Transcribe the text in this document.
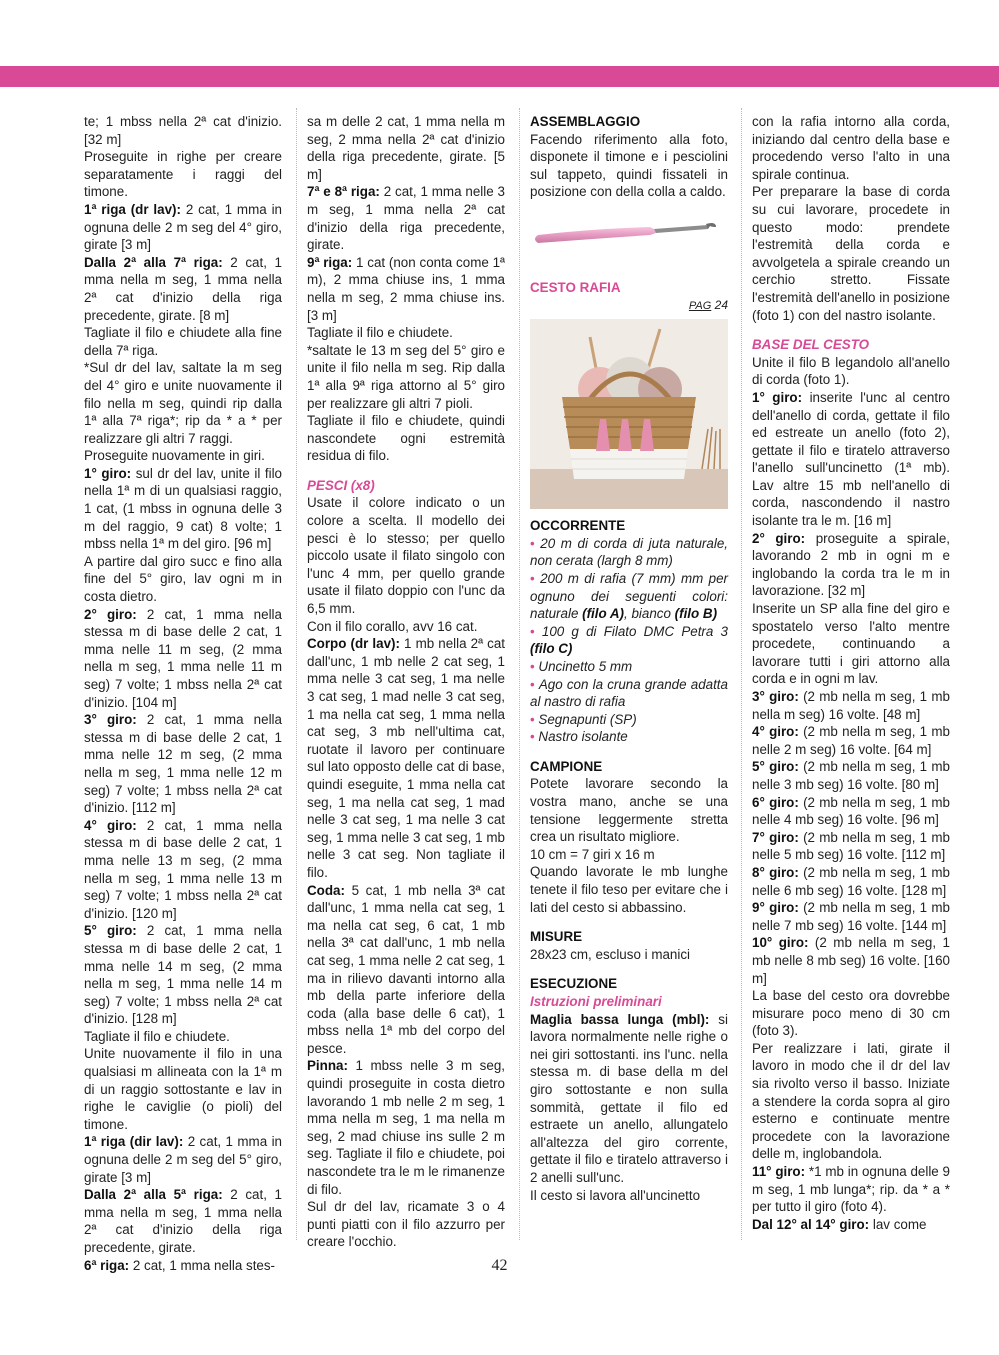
te; 1 mbss nella 2ª cat d'inizio. [32 m]

Proseguite in righe per creare separatamente i raggi del timone.

1ª riga (dr lav): 2 cat, 1 mma in ognuna delle 2 m seg del 4° giro, girate [3 m]

Dalla 2ª alla 7ª riga: 2 cat, 1 mma nella m seg, 1 mma nella 2ª cat d'inizio della riga precedente, girate. [8 m]

Tagliate il filo e chiudete alla fine della 7ª riga.

*Sul dr del lav, saltate la m seg del 4° giro e unite nuovamente il filo nella m seg, quindi rip dalla 1ª alla 7ª riga*; rip da * a * per realizzare gli altri 7 raggi.

Proseguite nuovamente in giri.

1° giro: sul dr del lav, unite il filo nella 1ª m di un qualsiasi raggio, 1 cat, (1 mbss in ognuna delle 3 m del raggio, 9 cat) 8 volte; 1 mbss nella 1ª m del giro. [96 m]

A partire dal giro succ e fino alla fine del 5° giro, lav ogni m in costa dietro.

2° giro: 2 cat, 1 mma nella stessa m di base delle 2 cat, 1 mma nelle 11 m seg, (2 mma nella m seg, 1 mma nelle 11 m seg) 7 volte; 1 mbss nella 2ª cat d'inizio. [104 m]

3° giro: 2 cat, 1 mma nella stessa m di base delle 2 cat, 1 mma nelle 12 m seg, (2 mma nella m seg, 1 mma nelle 12 m seg) 7 volte; 1 mbss nella 2ª cat d'inizio. [112 m]

4° giro: 2 cat, 1 mma nella stessa m di base delle 2 cat, 1 mma nelle 13 m seg, (2 mma nella m seg, 1 mma nelle 13 m seg) 7 volte; 1 mbss nella 2ª cat d'inizio. [120 m]

5° giro: 2 cat, 1 mma nella stessa m di base delle 2 cat, 1 mma nelle 14 m seg, (2 mma nella m seg, 1 mma nelle 14 m seg) 7 volte; 1 mbss nella 2ª cat d'inizio. [128 m]

Tagliate il filo e chiudete.

Unite nuovamente il filo in una qualsiasi m allineata con la 1ª m di un raggio sottostante e lav in righe le caviglie (o pioli) del timone.

1ª riga (dir lav): 2 cat, 1 mma in ognuna delle 2 m seg del 5° giro, girate [3 m]

Dalla 2ª alla 5ª riga: 2 cat, 1 mma nella m seg, 1 mma nella 2ª cat d'inizio della riga precedente, girate.

6ª riga: 2 cat, 1 mma nella stes-

sa m delle 2 cat, 1 mma nella m seg, 2 mma nella 2ª cat d'inizio della riga precedente, girate. [5 m]

7ª e 8ª riga: 2 cat, 1 mma nelle 3 m seg, 1 mma nella 2ª cat d'inizio della riga precedente, girate.

9ª riga: 1 cat (non conta come 1ª m), 2 mma chiuse ins, 1 mma nella m seg, 2 mma chiuse ins. [3 m]

Tagliate il filo e chiudete.

*saltate le 13 m seg del 5° giro e unite il filo nella m seg. Rip dalla 1ª alla 9ª riga attorno al 5° giro per realizzare gli altri 7 pioli.

Tagliate il filo e chiudete, quindi nascondete ogni estremità residua di filo.

PESCI (x8)

Usate il colore indicato o un colore a scelta. Il modello dei pesci è lo stesso; per quello piccolo usate il filato singolo con l'unc 4 mm, per quello grande usate il filato doppio con l'unc da 6,5 mm.

Con il filo corallo, avv 16 cat.

Corpo (dr lav): 1 mb nella 2ª cat dall'unc, 1 mb nelle 2 cat seg, 1 mma nelle 3 cat seg, 1 ma nelle 3 cat seg, 1 mad nelle 3 cat seg, 1 ma nella cat seg, 1 mma nella cat seg, 3 mb nell'ultima cat, ruotate il lavoro per continuare sul lato opposto delle cat di base, quindi eseguite, 1 mma nella cat seg, 1 ma nella cat seg, 1 mad nelle 3 cat seg, 1 ma nelle 3 cat seg, 1 mma nelle 3 cat seg, 1 mb nelle 3 cat seg. Non tagliate il filo.

Coda: 5 cat, 1 mb nella 3ª cat dall'unc, 1 mma nella cat seg, 1 ma nella cat seg, 6 cat, 1 mb nella 3ª cat dall'unc, 1 mb nella cat seg, 1 mma nelle 2 cat seg, 1 ma in rilievo davanti intorno alla mb della parte inferiore della coda (alla base delle 6 cat), 1 mbss nella 1ª mb del corpo del pesce.

Pinna: 1 mbss nelle 3 m seg, quindi proseguite in costa dietro lavorando 1 mb nelle 2 m seg, 1 mma nella m seg, 1 ma nella m seg, 2 mad chiuse ins sulle 2 m seg. Tagliate il filo e chiudete, poi nascondete tra le m le rimanenze di filo.

Sul dr del lav, ricamate 3 o 4 punti piatti con il filo azzurro per creare l'occhio.

ASSEMBLAGGIO

Facendo riferimento alla foto, disponete il timone e i pesciolini sul tappeto, quindi fissateli in posizione con della colla a caldo.

CESTO RAFIA

PAG 24

OCCORRENTE

• 20 m di corda di juta naturale, non cerata (largh 8 mm)

• 200 m di rafia (7 mm) mm per ognuno dei seguenti colori: naturale (filo A), bianco (filo B)

• 100 g di Filato DMC Petra 3 (filo C)

• Uncinetto 5 mm

• Ago con la cruna grande adatta al nastro di rafia

• Segnapunti (SP)

• Nastro isolante

CAMPIONE

Potete lavorare secondo la vostra mano, anche se una tensione leggermente stretta crea un risultato migliore.

10 cm = 7 giri x 16 m

Quando lavorate le mb lunghe tenete il filo teso per evitare che i lati del cesto si abbassino.

MISURE

28x23 cm, escluso i manici

ESECUZIONE

Istruzioni preliminari

Maglia bassa lunga (mbl): si lavora normalmente nelle righe o nei giri sottostanti. ins l'unc. nella stessa m. di base della m del giro sottostante e non sulla sommità, gettate il filo ed estraete un anello, allungatelo all'altezza del giro corrente, gettate il filo e tiratelo attraverso i 2 anelli sull'unc.

Il cesto si lavora all'uncinetto

con la rafia intorno alla corda, iniziando dal centro della base e procedendo verso l'alto in una spirale continua.

Per preparare la base di corda su cui lavorare, procedete in questo modo: prendete l'estremità della corda e avvolgetela a spirale creando un cerchio stretto. Fissate l'estremità dell'anello in posizione (foto 1) con del nastro isolante.

BASE DEL CESTO

Unite il filo B legandolo all'anello di corda (foto 1).

1° giro: inserite l'unc al centro dell'anello di corda, gettate il filo ed estreate un anello (foto 2), gettate il filo e tiratelo attraverso l'anello sull'uncinetto (1ª mb). Lav altre 15 mb nell'anello di corda, nascondendo il nastro isolante tra le m. [16 m]

2° giro: proseguite a spirale, lavorando 2 mb in ogni m e inglobando la corda tra le m in lavorazione. [32 m]

Inserite un SP alla fine del giro e spostatelo verso l'alto mentre procedete, continuando a lavorare tutti i giri attorno alla corda e in ogni m lav.

3° giro: (2 mb nella m seg, 1 mb nella m seg) 16 volte. [48 m]

4° giro: (2 mb nella m seg, 1 mb nelle 2 m seg) 16 volte. [64 m]

5° giro: (2 mb nella m seg, 1 mb nelle 3 mb seg) 16 volte. [80 m]

6° giro: (2 mb nella m seg, 1 mb nelle 4 mb seg) 16 volte. [96 m]

7° giro: (2 mb nella m seg, 1 mb nelle 5 mb seg) 16 volte. [112 m]

8° giro: (2 mb nella m seg, 1 mb nelle 6 mb seg) 16 volte. [128 m]

9° giro: (2 mb nella m seg, 1 mb nelle 7 mb seg) 16 volte. [144 m]

10° giro: (2 mb nella m seg, 1 mb nelle 8 mb seg) 16 volte. [160 m]

La base del cesto ora dovrebbe misurare poco meno di 30 cm (foto 3).

Per realizzare i lati, girate il lavoro in modo che il dr del lav sia rivolto verso il basso. Iniziate a stendere la corda sopra al giro esterno e continuate mentre procedete con la lavorazione delle m, inglobandola.

11° giro: *1 mb in ognuna delle 9 m seg, 1 mb lunga*; rip. da * a * per tutto il giro (foto 4).

Dal 12° al 14° giro: lav come

42
